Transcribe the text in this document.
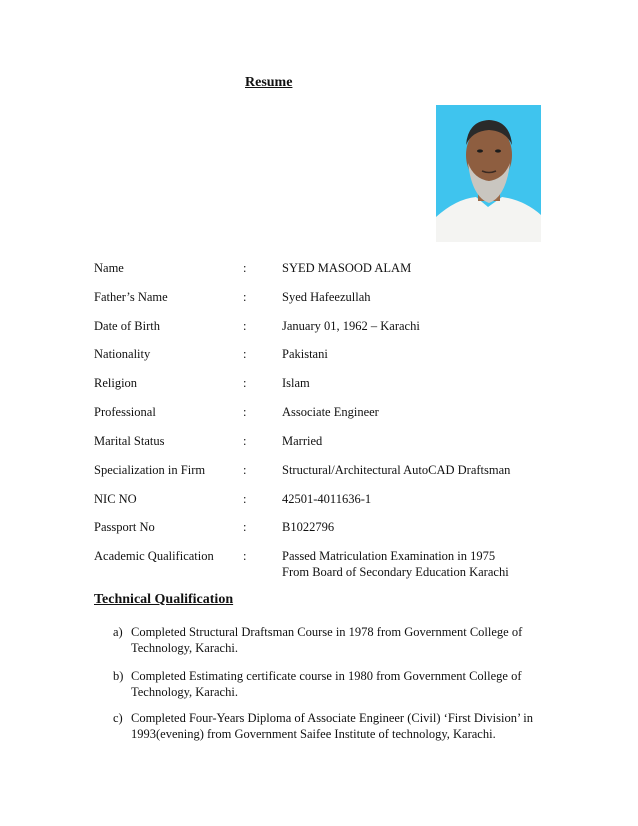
Resume
Name	:	SYED MASOOD ALAM
Father’s Name	:	Syed Hafeezullah
Date of Birth	:	January 01, 1962 – Karachi
Nationality	:	Pakistani
Religion	:	Islam
Professional	:	Associate Engineer
Marital Status	:	Married
Specialization in Firm	:	Structural/Architectural AutoCAD Draftsman
NIC NO	:	42501-4011636-1
Passport No	:	B1022796
Academic Qualification :	Passed Matriculation Examination in 1975
From Board of Secondary Education Karachi
Technical Qualification
a) Completed Structural Draftsman Course in 1978 from Government College of Technology, Karachi.
b) Completed Estimating certificate course in 1980 from Government College of Technology, Karachi.
c) Completed Four-Years Diploma of Associate Engineer (Civil) ‘First Division’ in 1993(evening) from Government Saifee Institute of technology, Karachi.
